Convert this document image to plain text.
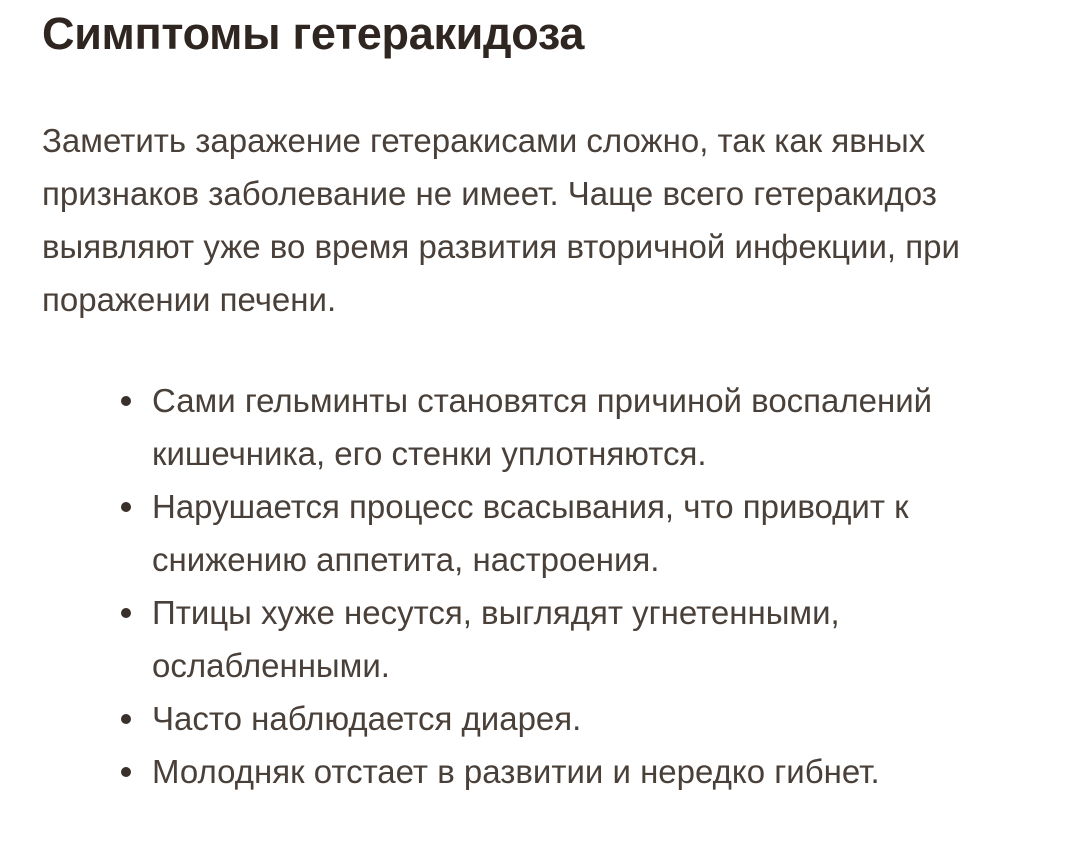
Симптомы гетеракидоза

Заметить заражение гетеракисами сложно, так как явных признаков заболевание не имеет. Чаще всего гетеракидоз выявляют уже во время развития вторичной инфекции, при поражении печени.

Сами гельминты становятся причиной воспалений кишечника, его стенки уплотняются.
Нарушается процесс всасывания, что приводит к снижению аппетита, настроения.
Птицы хуже несутся, выглядят угнетенными, ослабленными.
Часто наблюдается диарея.
Молодняк отстает в развитии и нередко гибнет.
